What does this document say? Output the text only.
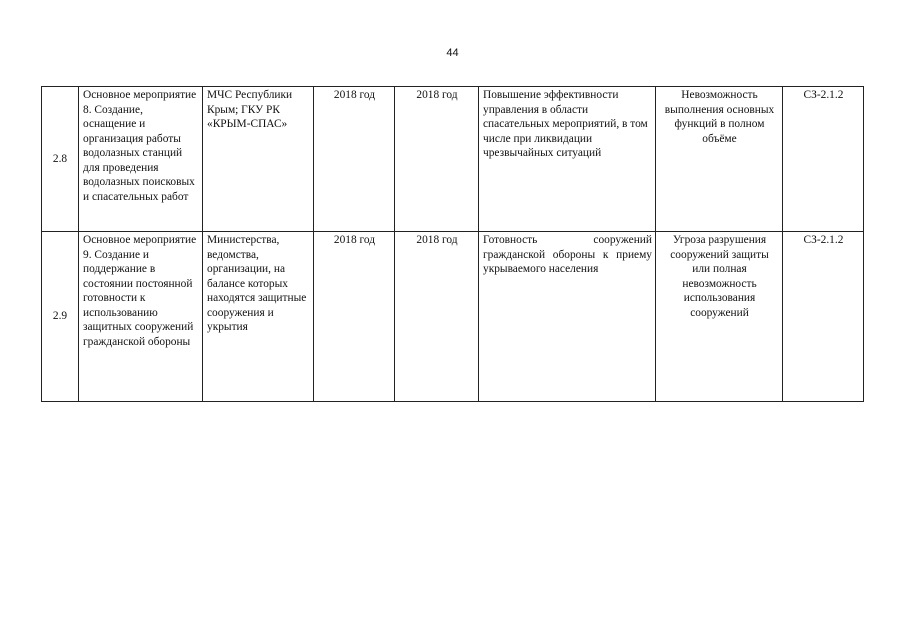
44
2.8	Основное мероприятие 8. Создание, оснащение и организация работы водолазных станций для проведения водолазных поисковых и спасательных работ	МЧС Республики Крым; ГКУ РК «КРЫМ-СПАС»	2018 год	2018 год	Повышение эффективности управления в области спасательных мероприятий, в том числе при ликвидации чрезвычайных ситуаций	Невозможность выполнения основных функций в полном объёме	СЗ-2.1.2
2.9	Основное мероприятие 9. Создание и поддержание в состоянии постоянной готовности к использованию защитных сооружений гражданской обороны	Министерства, ведомства, организации, на балансе которых находятся защитные сооружения и укрытия	2018 год	2018 год	Готовность сооружений гражданской обороны к приему укрываемого населения	Угроза разрушения сооружений защиты или полная невозможность использования сооружений	СЗ-2.1.2
